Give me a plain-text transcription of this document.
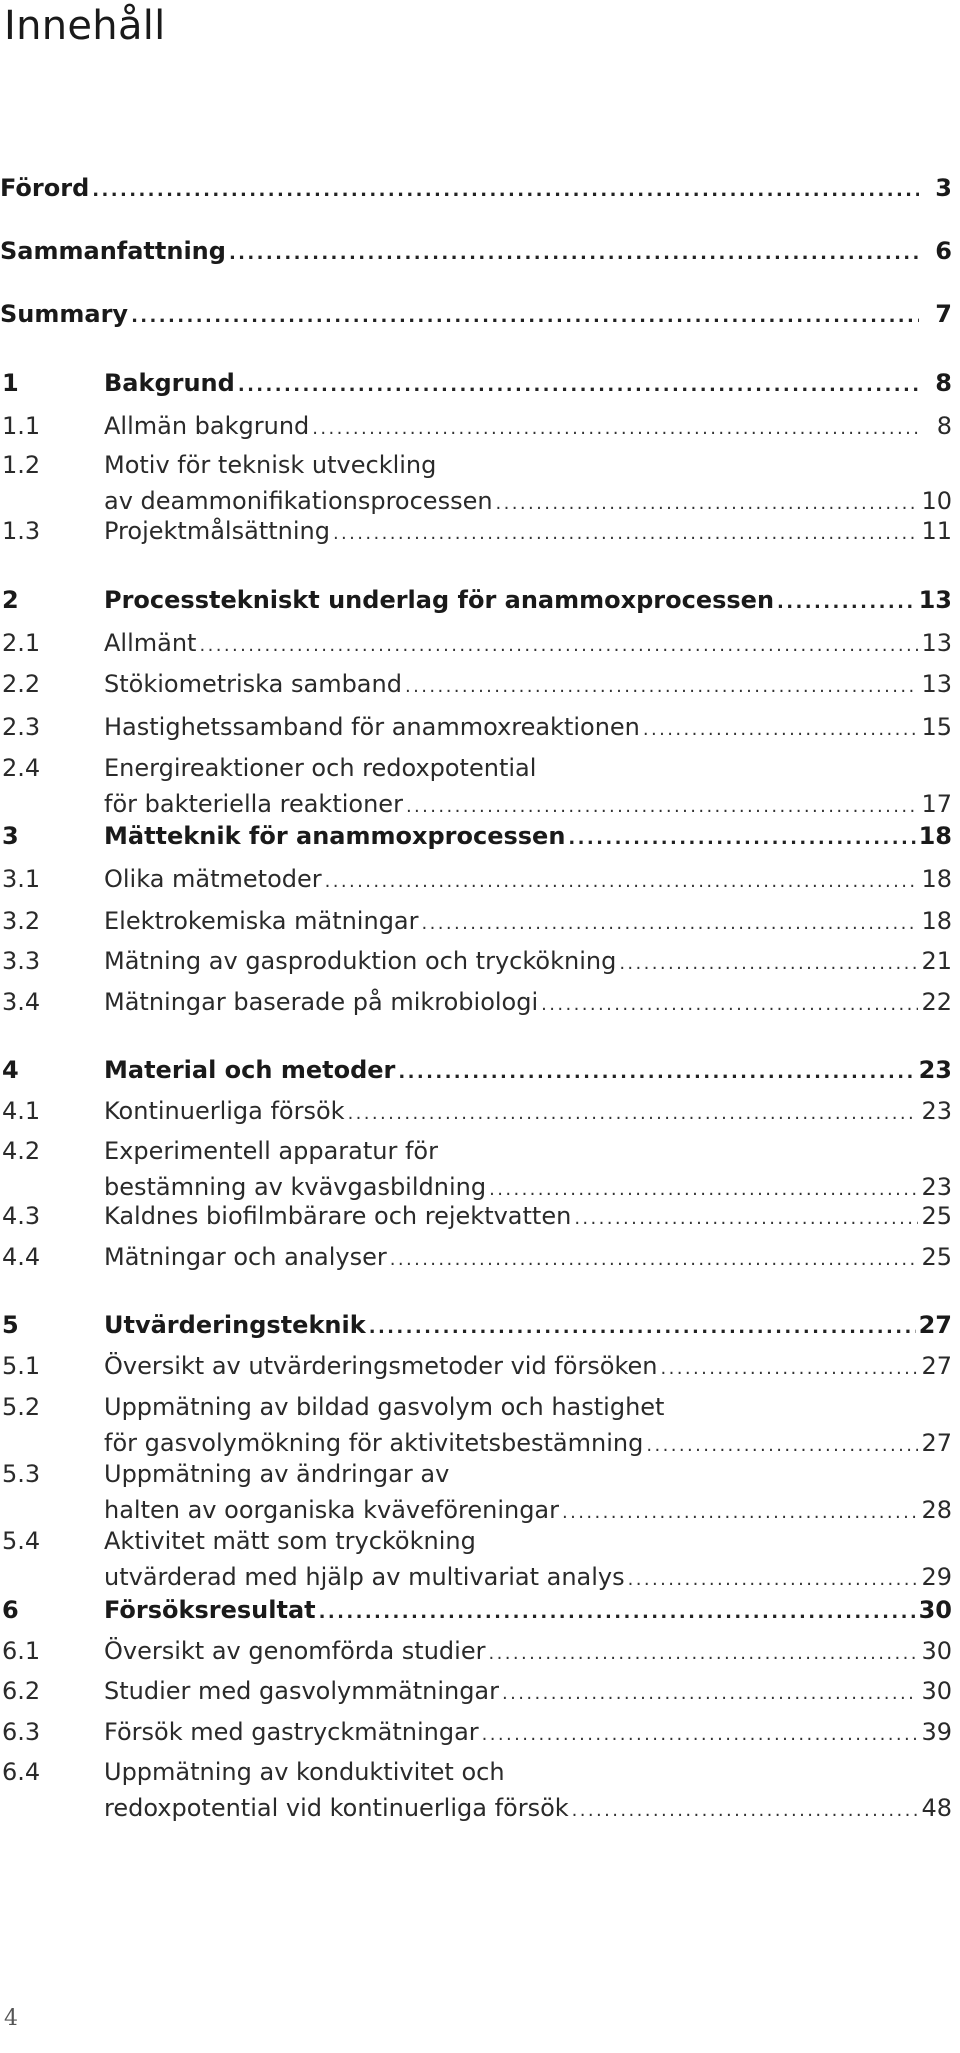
Innehåll
Förord .....	3
Sammanfattning .....	6
Summary .....	7
1	Bakgrund .....	8
1.1	Allmän bakgrund .....	8
1.2	Motiv för teknisk utveckling
av deammonifikationsprocessen .....	10
1.3	Projektmålsättning .....	11
2	Processtekniskt underlag för anammoxprocessen .....	13
2.1	Allmänt .....	13
2.2	Stökiometriska samband .....	13
2.3	Hastighetssamband för anammoxreaktionen .....	15
2.4	Energireaktioner och redoxpotential
för bakteriella reaktioner .....	17
3	Mätteknik för anammoxprocessen .....	18
3.1	Olika mätmetoder .....	18
3.2	Elektrokemiska mätningar .....	18
3.3	Mätning av gasproduktion och tryckökning .....	21
3.4	Mätningar baserade på mikrobiologi .....	22
4	Material och metoder .....	23
4.1	Kontinuerliga försök .....	23
4.2	Experimentell apparatur för
bestämning av kvävgasbildning .....	23
4.3	Kaldnes biofilmbärare och rejektvatten .....	25
4.4	Mätningar och analyser .....	25
5	Utvärderingsteknik .....	27
5.1	Översikt av utvärderingsmetoder vid försöken .....	27
5.2	Uppmätning av bildad gasvolym och hastighet
för gasvolymökning för aktivitetsbestämning .....	27
5.3	Uppmätning av ändringar av
halten av oorganiska kväveföreningar .....	28
5.4	Aktivitet mätt som tryckökning
utvärderad med hjälp av multivariat analys .....	29
6	Försöksresultat .....	30
6.1	Översikt av genomförda studier .....	30
6.2	Studier med gasvolymmätningar .....	30
6.3	Försök med gastryckmätningar .....	39
6.4	Uppmätning av konduktivitet och
redoxpotential vid kontinuerliga försök .....	48
4
